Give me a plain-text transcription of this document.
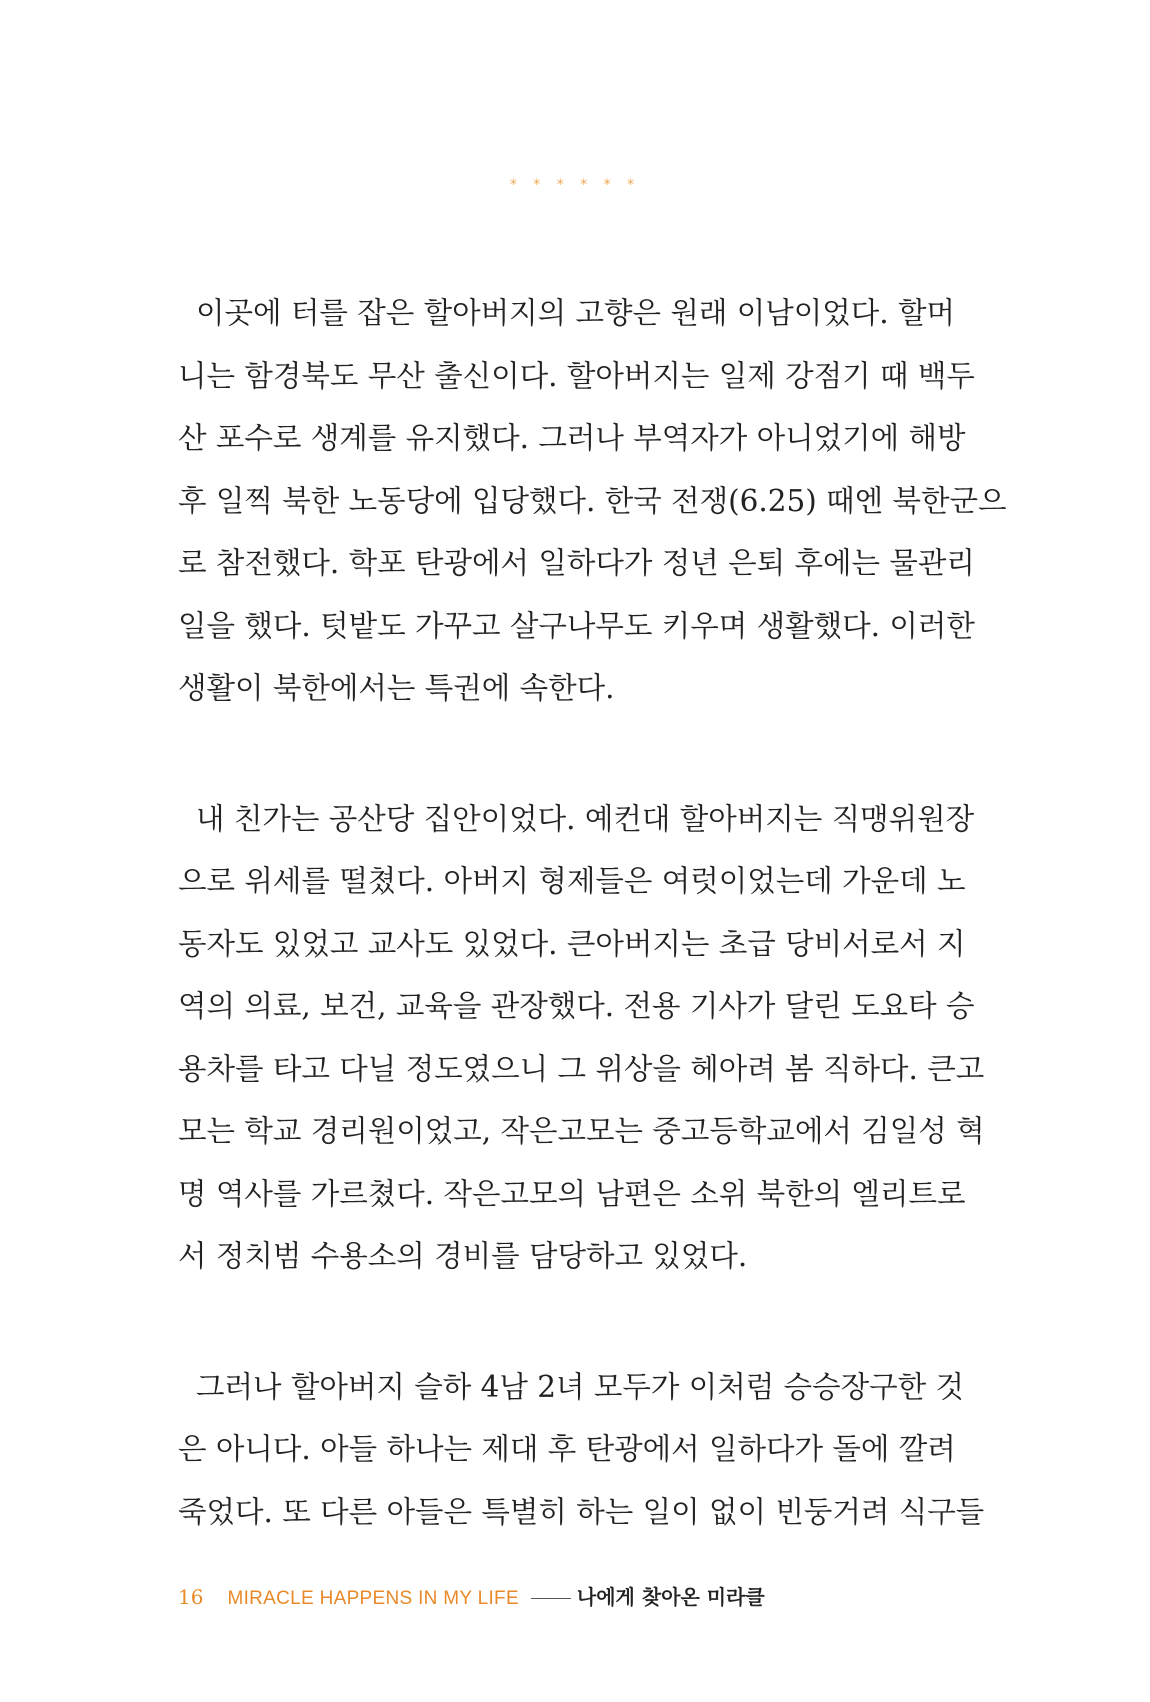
* * * * * *
이곳에 터를 잡은 할아버지의 고향은 원래 이남이었다. 할머
니는 함경북도 무산 출신이다. 할아버지는 일제 강점기 때 백두
산 포수로 생계를 유지했다. 그러나 부역자가 아니었기에 해방
후 일찍 북한 노동당에 입당했다. 한국 전쟁(6.25) 때엔 북한군으
로 참전했다. 학포 탄광에서 일하다가 정년 은퇴 후에는 물관리
일을 했다. 텃밭도 가꾸고 살구나무도 키우며 생활했다. 이러한
생활이 북한에서는 특권에 속한다.
내 친가는 공산당 집안이었다. 예컨대 할아버지는 직맹위원장
으로 위세를 떨쳤다. 아버지 형제들은 여럿이었는데 가운데 노
동자도 있었고 교사도 있었다. 큰아버지는 초급 당비서로서 지
역의 의료, 보건, 교육을 관장했다. 전용 기사가 달린 도요타 승
용차를 타고 다닐 정도였으니 그 위상을 헤아려 봄 직하다. 큰고
모는 학교 경리원이었고, 작은고모는 중고등학교에서 김일성 혁
명 역사를 가르쳤다. 작은고모의 남편은 소위 북한의 엘리트로
서 정치범 수용소의 경비를 담당하고 있었다.
그러나 할아버지 슬하 4남 2녀 모두가 이처럼 승승장구한 것
은 아니다. 아들 하나는 제대 후 탄광에서 일하다가 돌에 깔려
죽었다. 또 다른 아들은 특별히 하는 일이 없이 빈둥거려 식구들
16 MIRACLE HAPPENS IN MY LIFE	나에게 찾아온 미라클
